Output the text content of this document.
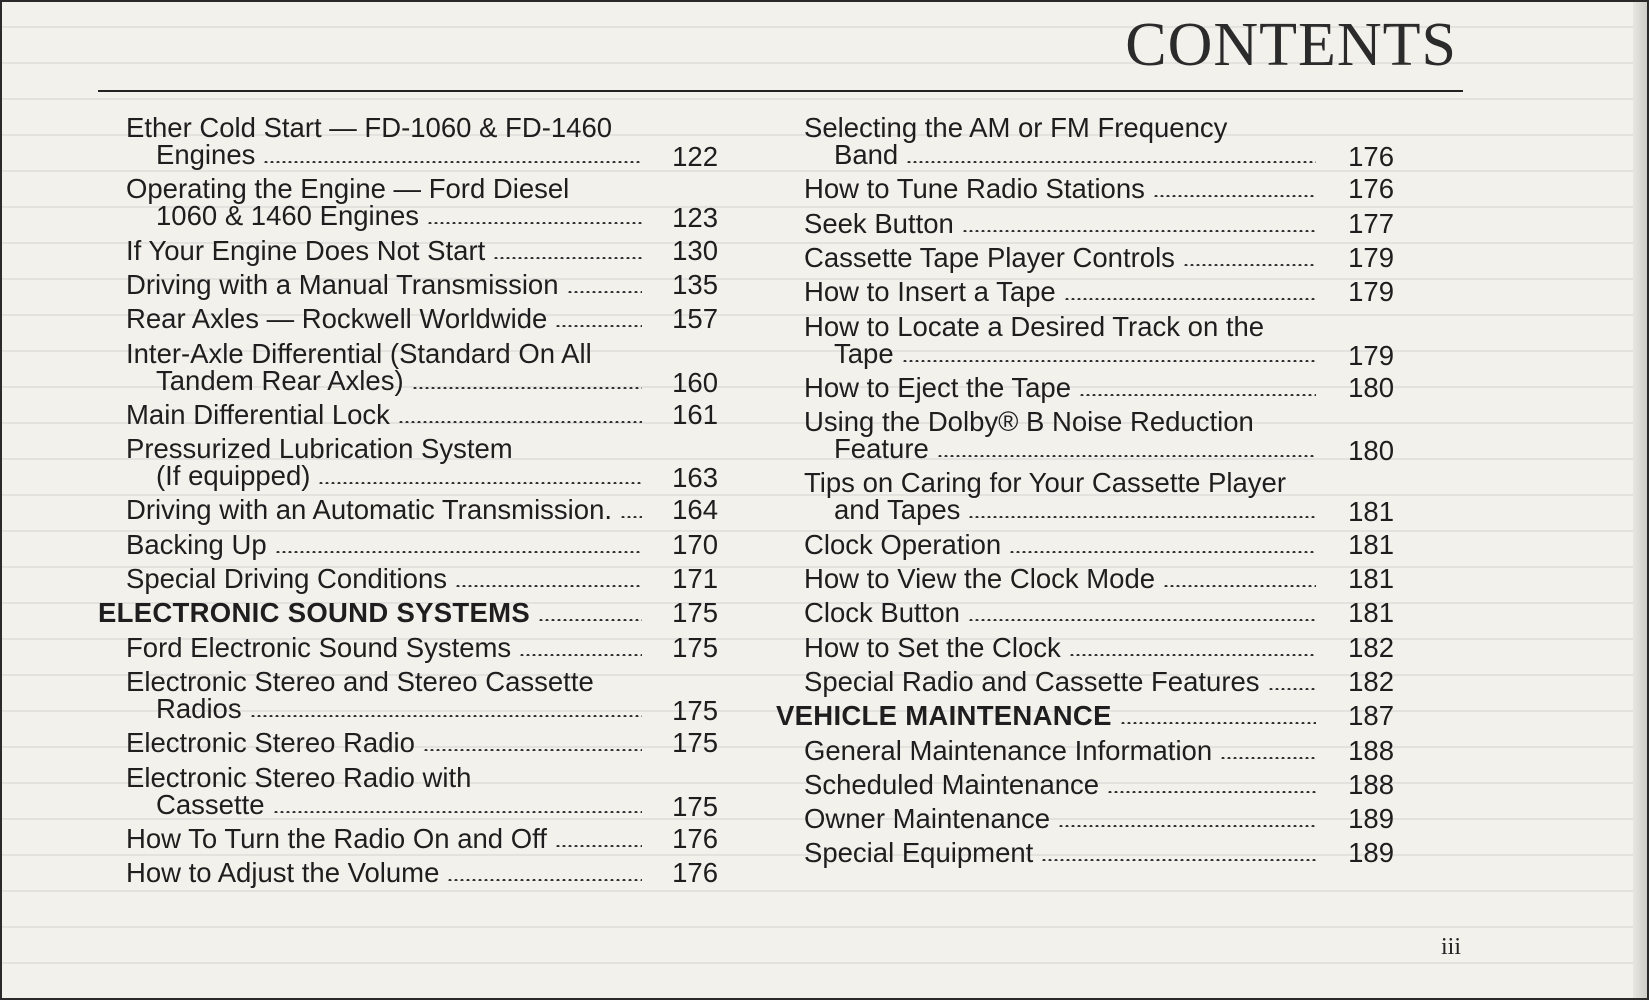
CONTENTS
Ether Cold Start — FD-1060 & FD-1460
Engines	122
Operating the Engine — Ford Diesel
1060 & 1460 Engines	123
If Your Engine Does Not Start	130
Driving with a Manual Transmission	135
Rear Axles — Rockwell Worldwide	157
Inter-Axle Differential (Standard On All
Tandem Rear Axles)	160
Main Differential Lock	161
Pressurized Lubrication System
(If equipped)	163
Driving with an Automatic Transmission.	164
Backing Up	170
Special Driving Conditions	171
ELECTRONIC SOUND SYSTEMS	175
Ford Electronic Sound Systems	175
Electronic Stereo and Stereo Cassette
Radios	175
Electronic Stereo Radio	175
Electronic Stereo Radio with
Cassette	175
How To Turn the Radio On and Off	176
How to Adjust the Volume	176
Selecting the AM or FM Frequency
Band	176
How to Tune Radio Stations	176
Seek Button	177
Cassette Tape Player Controls	179
How to Insert a Tape	179
How to Locate a Desired Track on the
Tape	179
How to Eject the Tape	180
Using the Dolby® B Noise Reduction
Feature	180
Tips on Caring for Your Cassette Player
and Tapes	181
Clock Operation	181
How to View the Clock Mode	181
Clock Button	181
How to Set the Clock	182
Special Radio and Cassette Features	182
VEHICLE MAINTENANCE	187
General Maintenance Information	188
Scheduled Maintenance	188
Owner Maintenance	189
Special Equipment	189
iii
